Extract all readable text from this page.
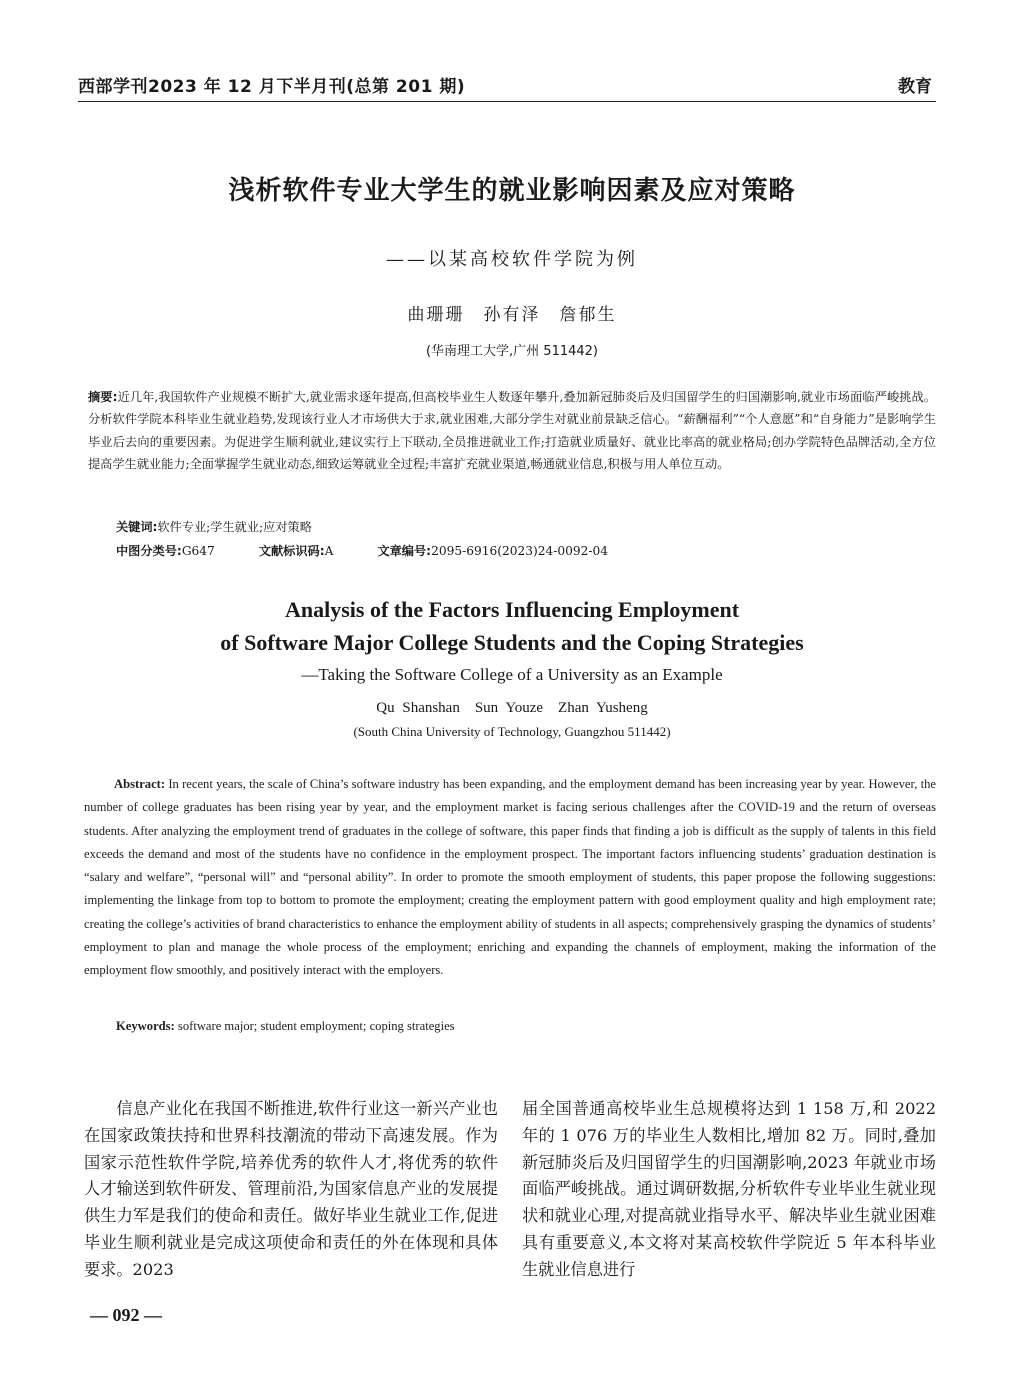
西部学刊2023 年 12 月下半月刊(总第 201 期)	教育
浅析软件专业大学生的就业影响因素及应对策略
——以某高校软件学院为例
曲珊珊　孙有泽　詹郁生
(华南理工大学,广州 511442)
摘要:近几年,我国软件产业规模不断扩大,就业需求逐年提高,但高校毕业生人数逐年攀升,叠加新冠肺炎后及归国留学生的归国潮影响,就业市场面临严峻挑战。分析软件学院本科毕业生就业趋势,发现该行业人才市场供大于求,就业困难,大部分学生对就业前景缺乏信心。“薪酬福利”“个人意愿”和“自身能力”是影响学生毕业后去向的重要因素。为促进学生顺利就业,建议实行上下联动,全员推进就业工作;打造就业质量好、就业比率高的就业格局;创办学院特色品牌活动,全方位提高学生就业能力;全面掌握学生就业动态,细致运筹就业全过程;丰富扩充就业渠道,畅通就业信息,积极与用人单位互动。
关键词:软件专业;学生就业;应对策略
中图分类号:G647	文献标识码:A	文章编号:2095-6916(2023)24-0092-04
Analysis of the Factors Influencing Employment
of Software Major College Students and the Coping Strategies
—Taking the Software College of a University as an Example
Qu Shanshan　Sun Youze　Zhan Yusheng
(South China University of Technology, Guangzhou 511442)
Abstract: In recent years, the scale of China’s software industry has been expanding, and the employment demand has been increasing year by year. However, the number of college graduates has been rising year by year, and the employment market is facing serious challenges after the COVID-19 and the return of overseas students. After analyzing the employment trend of graduates in the college of software, this paper finds that finding a job is difficult as the supply of talents in this field exceeds the demand and most of the students have no confidence in the employment prospect. The important factors influencing students’ graduation destination is “salary and welfare”, “personal will” and “personal ability”. In order to promote the smooth employment of students, this paper propose the following suggestions: implementing the linkage from top to bottom to promote the employment; creating the employment pattern with good employment quality and high employment rate; creating the college’s activities of brand characteristics to enhance the employment ability of students in all aspects; comprehensively grasping the dynamics of students’ employment to plan and manage the whole process of the employment; enriching and expanding the channels of employment, making the information of the employment flow smoothly, and positively interact with the employers.
Keywords: software major; student employment; coping strategies
信息产业化在我国不断推进,软件行业这一新兴产业也在国家政策扶持和世界科技潮流的带动下高速发展。作为国家示范性软件学院,培养优秀的软件人才,将优秀的软件人才输送到软件研发、管理前沿,为国家信息产业的发展提供生力军是我们的使命和责任。做好毕业生就业工作,促进毕业生顺利就业是完成这项使命和责任的外在体现和具体要求。2023
届全国普通高校毕业生总规模将达到 1 158 万,和 2022 年的 1 076 万的毕业生人数相比,增加 82 万。同时,叠加新冠肺炎后及归国留学生的归国潮影响,2023 年就业市场面临严峻挑战。通过调研数据,分析软件专业毕业生就业现状和就业心理,对提高就业指导水平、解决毕业生就业困难具有重要意义,本文将对某高校软件学院近 5 年本科毕业生就业信息进行
— 092 —
